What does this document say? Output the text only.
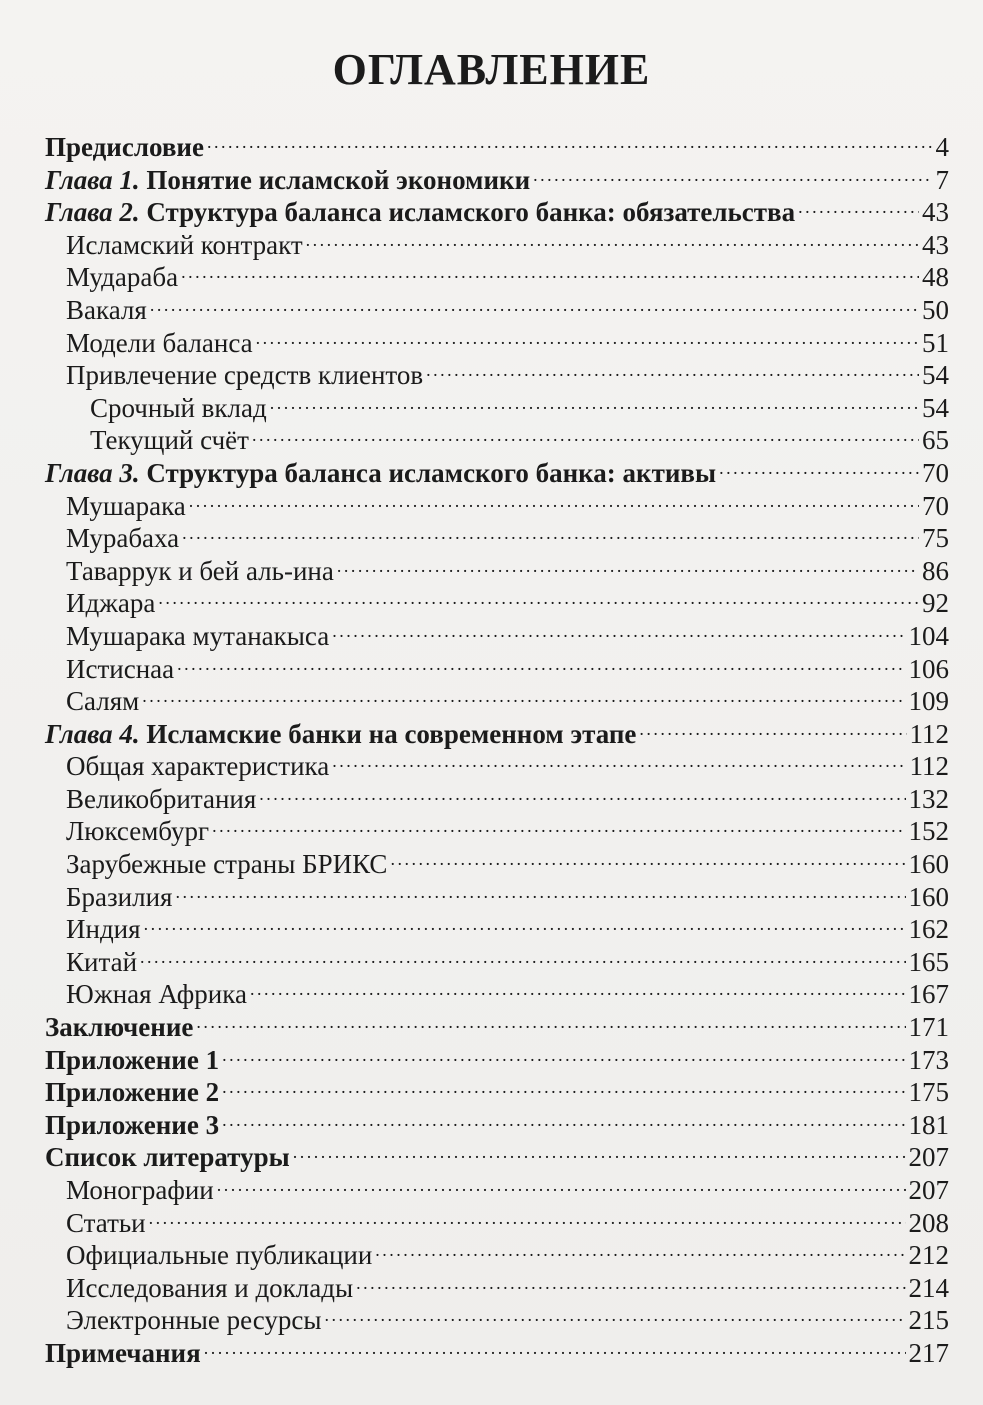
ОГЛАВЛЕНИЕ
Предисловие . . .	4
Глава 1. Понятие исламской экономики . . .	7
Глава 2. Структура баланса исламского банка: обязательства . . .	43
Исламский контракт . . .	43
Мудараба . . .	48
Вакаля . . .	50
Модели баланса . . .	51
Привлечение средств клиентов . . .	54
Срочный вклад . . .	54
Текущий счёт . . .	65
Глава 3. Структура баланса исламского банка: активы . . .	70
Мушарака . . .	70
Мурабаха . . .	75
Таваррук и бей аль-ина . . .	86
Иджара . . .	92
Мушарака мутанакыса . . .	104
Истиснаа . . .	106
Салям . . .	109
Глава 4. Исламские банки на современном этапе . . .	112
Общая характеристика . . .	112
Великобритания . . .	132
Люксембург . . .	152
Зарубежные страны БРИКС . . .	160
Бразилия . . .	160
Индия . . .	162
Китай . . .	165
Южная Африка . . .	167
Заключение . . .	171
Приложение 1 . . .	173
Приложение 2 . . .	175
Приложение 3 . . .	181
Список литературы . . .	207
Монографии . . .	207
Статьи . . .	208
Официальные публикации . . .	212
Исследования и доклады . . .	214
Электронные ресурсы . . .	215
Примечания . . .	217
